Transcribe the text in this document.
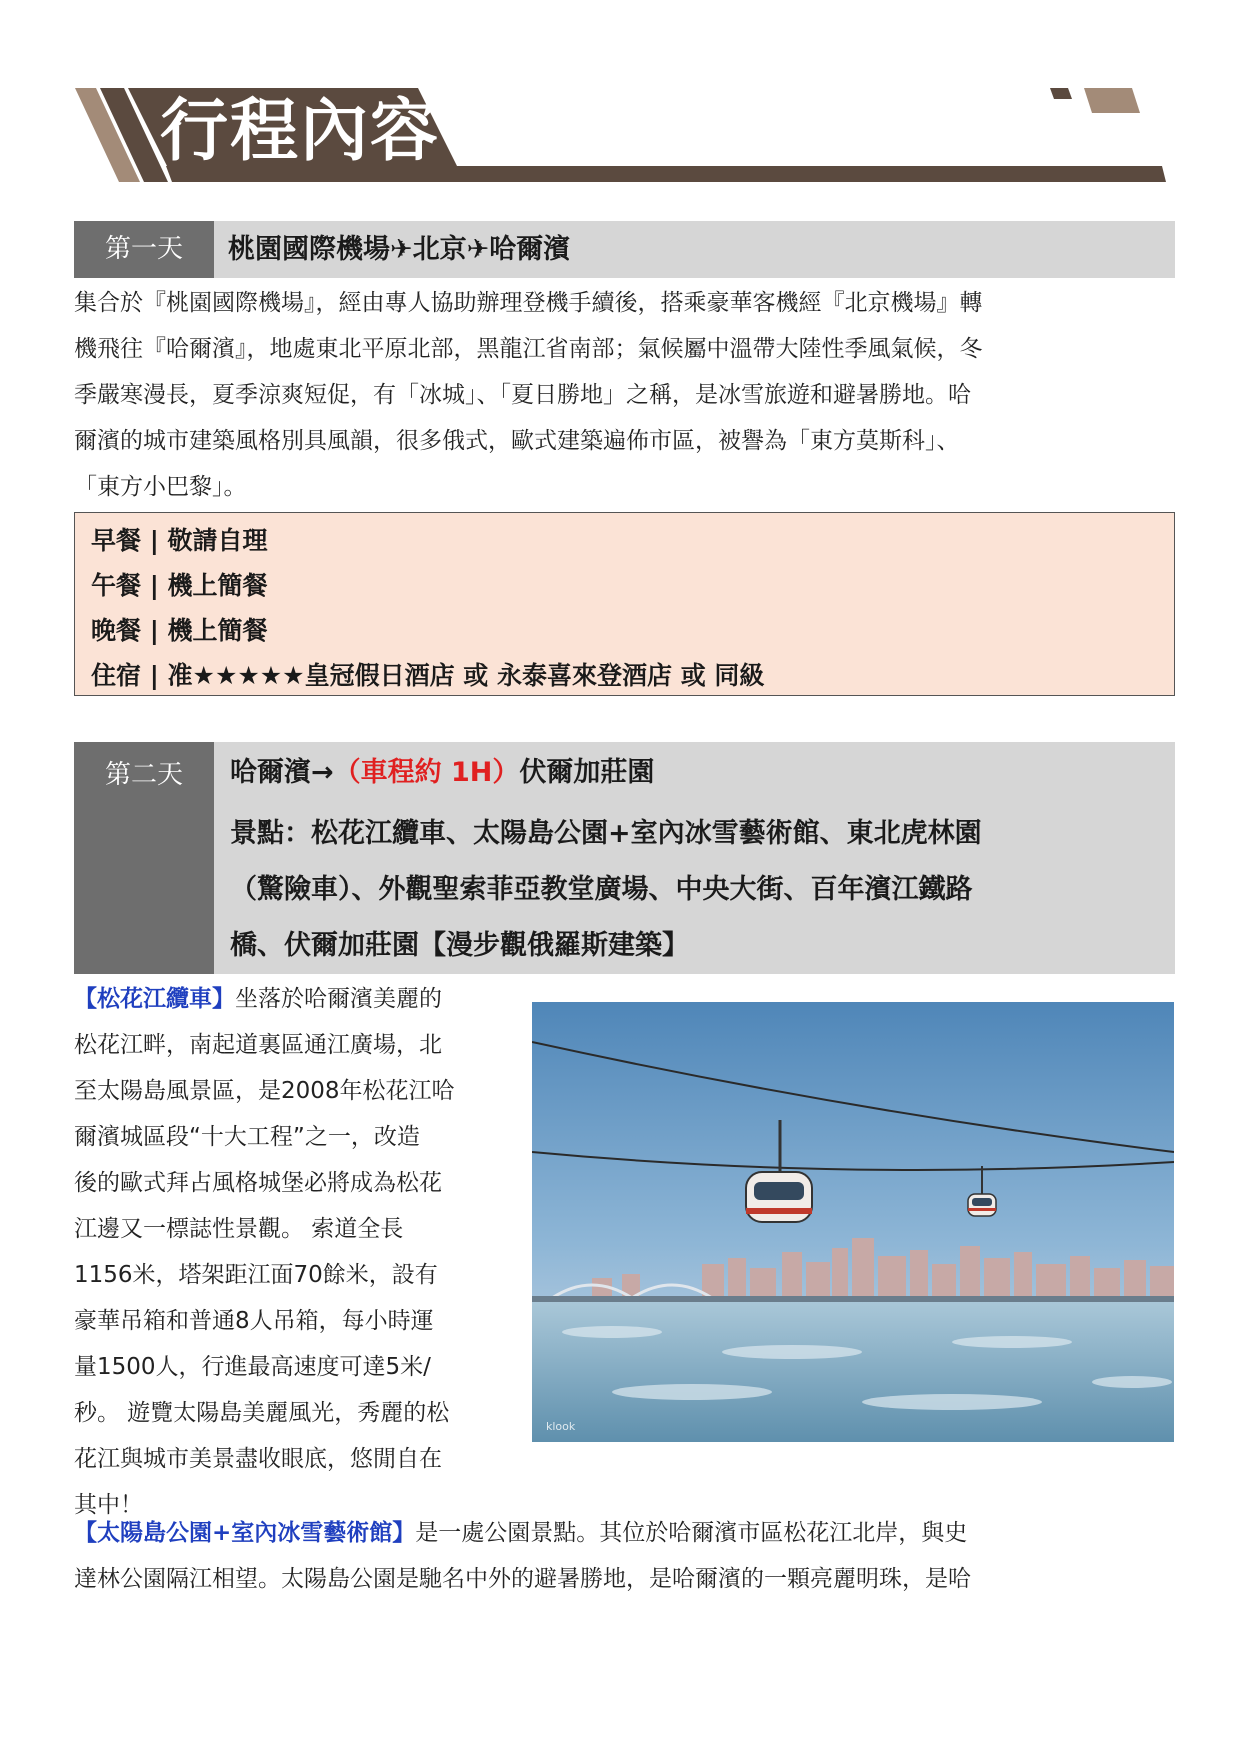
行程內容
第一天	桃園國際機場✈北京✈哈爾濱
集合於『桃園國際機場』，經由專人協助辦理登機手續後，搭乘豪華客機經『北京機場』轉
機飛往『哈爾濱』，地處東北平原北部，黑龍江省南部；氣候屬中溫帶大陸性季風氣候，冬
季嚴寒漫長，夏季涼爽短促，有「冰城」、「夏日勝地」之稱，是冰雪旅遊和避暑勝地。哈
爾濱的城市建築風格別具風韻，很多俄式，歐式建築遍佈市區，被譽為「東方莫斯科」、
「東方小巴黎」。
早餐 | 敬請自理
午餐 | 機上簡餐
晚餐 | 機上簡餐
住宿 | 准★★★★★皇冠假日酒店 或 永泰喜來登酒店 或 同級
第二天	哈爾濱→（車程約 1H）伏爾加莊園
景點：松花江纜車、太陽島公園+室內冰雪藝術館、東北虎林園
（驚險車）、外觀聖索菲亞教堂廣場、中央大街、百年濱江鐵路
橋、伏爾加莊園【漫步觀俄羅斯建築】
【松花江纜車】坐落於哈爾濱美麗的
松花江畔，南起道裏區通江廣場，北
至太陽島風景區，是2008年松花江哈
爾濱城區段“十大工程”之一，改造
後的歐式拜占風格城堡必將成為松花
江邊又一標誌性景觀。 索道全長
1156米，塔架距江面70餘米，設有
豪華吊箱和普通8人吊箱，每小時運
量1500人，行進最高速度可達5米/
秒。 遊覽太陽島美麗風光，秀麗的松
花江與城市美景盡收眼底，悠閒自在
其中！
klook
【太陽島公園+室內冰雪藝術館】是一處公園景點。其位於哈爾濱市區松花江北岸，與史
達林公園隔江相望。太陽島公園是馳名中外的避暑勝地，是哈爾濱的一顆亮麗明珠，是哈
